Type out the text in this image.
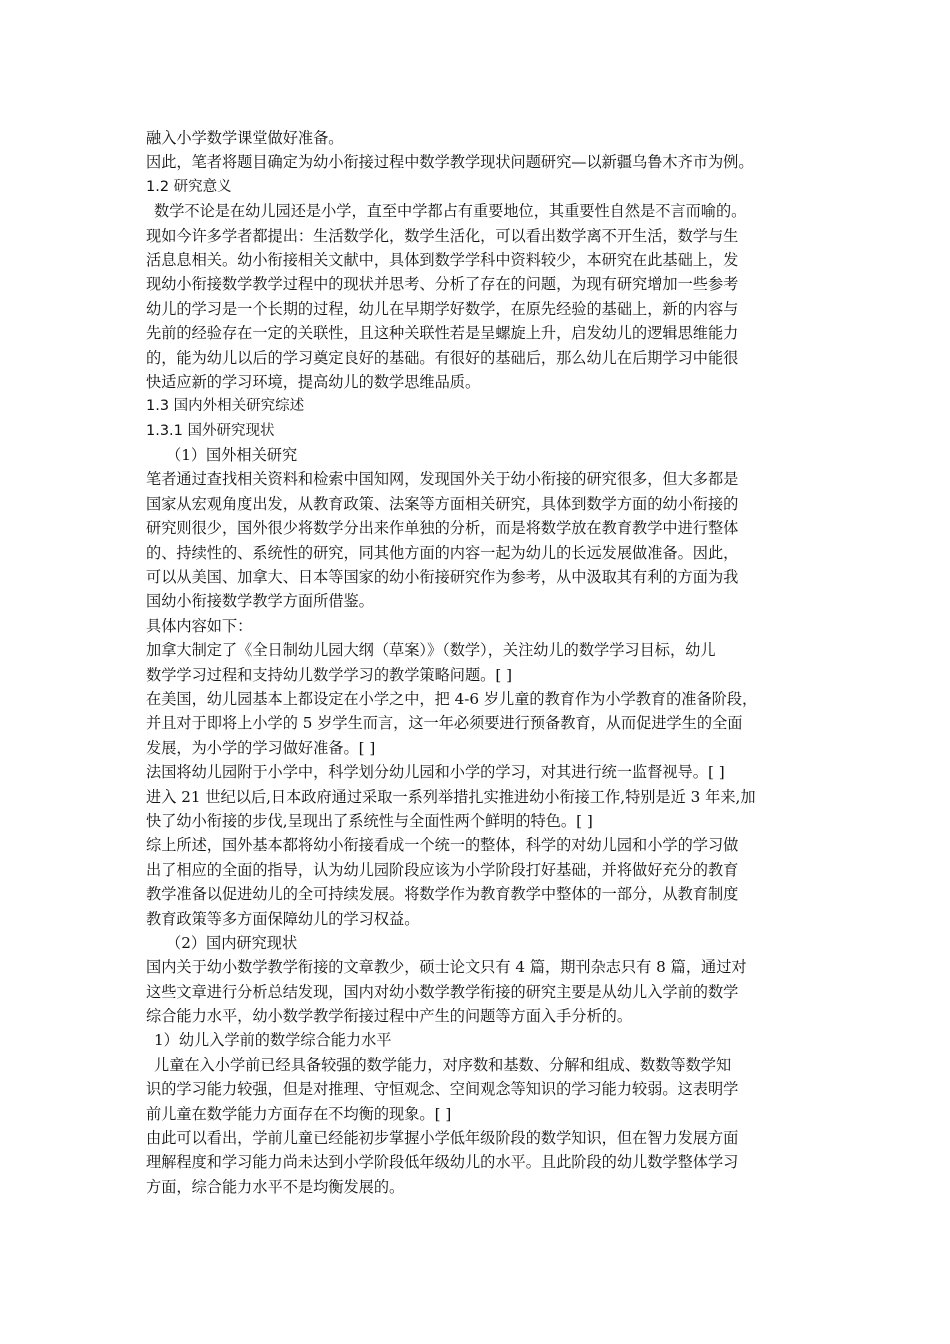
融入小学数学课堂做好准备。
因此，笔者将题目确定为幼小衔接过程中数学教学现状问题研究—以新疆乌鲁木齐市为例。
1.2 研究意义
数学不论是在幼儿园还是小学，直至中学都占有重要地位，其重要性自然是不言而喻的。
现如今许多学者都提出：生活数学化，数学生活化，可以看出数学离不开生活，数学与生
活息息相关。幼小衔接相关文献中，具体到数学学科中资料较少，本研究在此基础上，发
现幼小衔接数学教学过程中的现状并思考、分析了存在的问题，为现有研究增加一些参考
幼儿的学习是一个长期的过程，幼儿在早期学好数学，在原先经验的基础上，新的内容与
先前的经验存在一定的关联性，且这种关联性若是呈螺旋上升，启发幼儿的逻辑思维能力
的，能为幼儿以后的学习奠定良好的基础。有很好的基础后，那么幼儿在后期学习中能很
快适应新的学习环境，提高幼儿的数学思维品质。
1.3 国内外相关研究综述
1.3.1 国外研究现状
（1）国外相关研究
笔者通过查找相关资料和检索中国知网，发现国外关于幼小衔接的研究很多，但大多都是
国家从宏观角度出发，从教育政策、法案等方面相关研究，具体到数学方面的幼小衔接的
研究则很少，国外很少将数学分出来作单独的分析，而是将数学放在教育教学中进行整体
的、持续性的、系统性的研究，同其他方面的内容一起为幼儿的长远发展做准备。因此，
可以从美国、加拿大、日本等国家的幼小衔接研究作为参考，从中汲取其有利的方面为我
国幼小衔接数学教学方面所借鉴。
具体内容如下：
加拿大制定了《全日制幼儿园大纲（草案）》（数学），关注幼儿的数学学习目标，幼儿
数学学习过程和支持幼儿数学学习的教学策略问题。[ ]
在美国，幼儿园基本上都设定在小学之中，把 4-6 岁儿童的教育作为小学教育的准备阶段，
并且对于即将上小学的 5 岁学生而言，这一年必须要进行预备教育，从而促进学生的全面
发展，为小学的学习做好准备。[ ]
法国将幼儿园附于小学中，科学划分幼儿园和小学的学习，对其进行统一监督视导。[ ]
进入 21 世纪以后,日本政府通过采取一系列举措扎实推进幼小衔接工作,特别是近 3 年来,加
快了幼小衔接的步伐,呈现出了系统性与全面性两个鲜明的特色。[ ]
综上所述，国外基本都将幼小衔接看成一个统一的整体，科学的对幼儿园和小学的学习做
出了相应的全面的指导，认为幼儿园阶段应该为小学阶段打好基础，并将做好充分的教育
教学准备以促进幼儿的全可持续发展。将数学作为教育教学中整体的一部分，从教育制度
教育政策等多方面保障幼儿的学习权益。
（2）国内研究现状
国内关于幼小数学教学衔接的文章教少，硕士论文只有 4 篇，期刊杂志只有 8 篇，通过对
这些文章进行分析总结发现，国内对幼小数学教学衔接的研究主要是从幼儿入学前的数学
综合能力水平，幼小数学教学衔接过程中产生的问题等方面入手分析的。
1）幼儿入学前的数学综合能力水平
儿童在入小学前已经具备较强的数学能力，对序数和基数、分解和组成、数数等数学知
识的学习能力较强，但是对推理、守恒观念、空间观念等知识的学习能力较弱。这表明学
前儿童在数学能力方面存在不均衡的现象。[ ]
由此可以看出，学前儿童已经能初步掌握小学低年级阶段的数学知识，但在智力发展方面
理解程度和学习能力尚未达到小学阶段低年级幼儿的水平。且此阶段的幼儿数学整体学习
方面，综合能力水平不是均衡发展的。
